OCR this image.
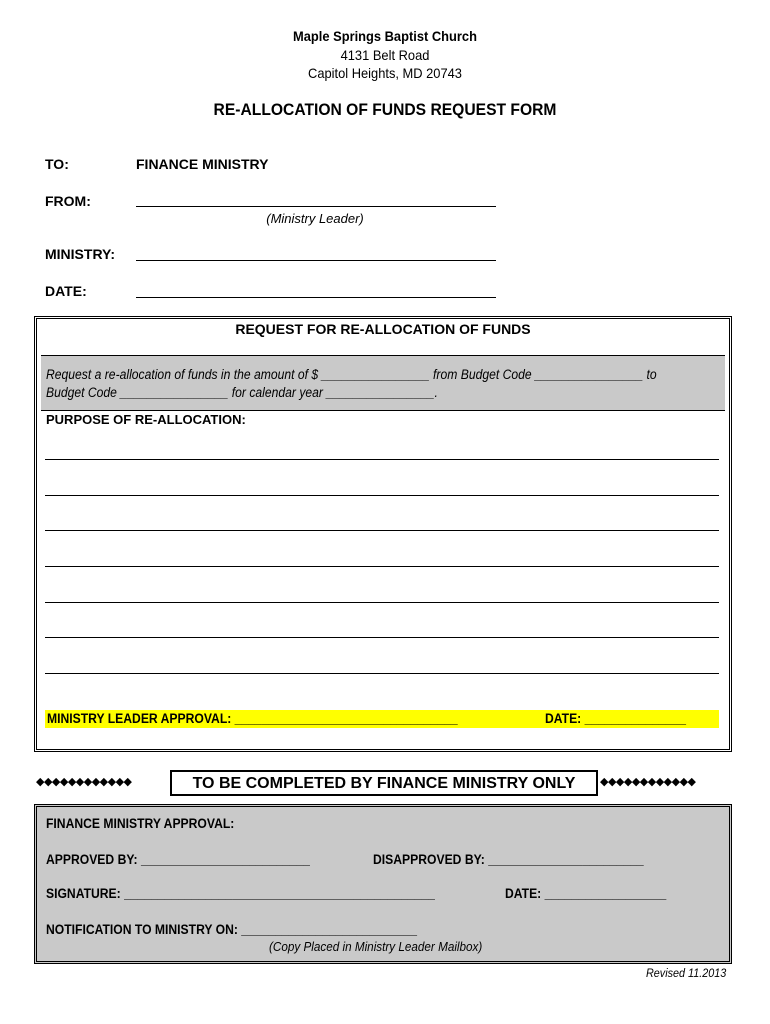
Maple Springs Baptist Church
4131 Belt Road
Capitol Heights, MD 20743
RE-ALLOCATION OF FUNDS REQUEST FORM
TO:	FINANCE MINISTRY
FROM:
(Ministry Leader)
MINISTRY:
DATE:
REQUEST FOR RE-ALLOCATION OF FUNDS
Request a re-allocation of funds in the amount of $ ________________ from Budget Code ________________ to
Budget Code ________________ for calendar year ________________.
PURPOSE OF RE-ALLOCATION:
MINISTRY LEADER APPROVAL: _________________________________	DATE: _______________
◆◆◆◆◆◆◆◆◆◆◆◆	TO BE COMPLETED BY FINANCE MINISTRY ONLY	◆◆◆◆◆◆◆◆◆◆◆◆
FINANCE MINISTRY APPROVAL:
APPROVED BY: _________________________	DISAPPROVED BY: _______________________
SIGNATURE: ______________________________________________	DATE: __________________
NOTIFICATION TO MINISTRY ON: __________________________
(Copy Placed in Ministry Leader Mailbox)
Revised 11.2013
